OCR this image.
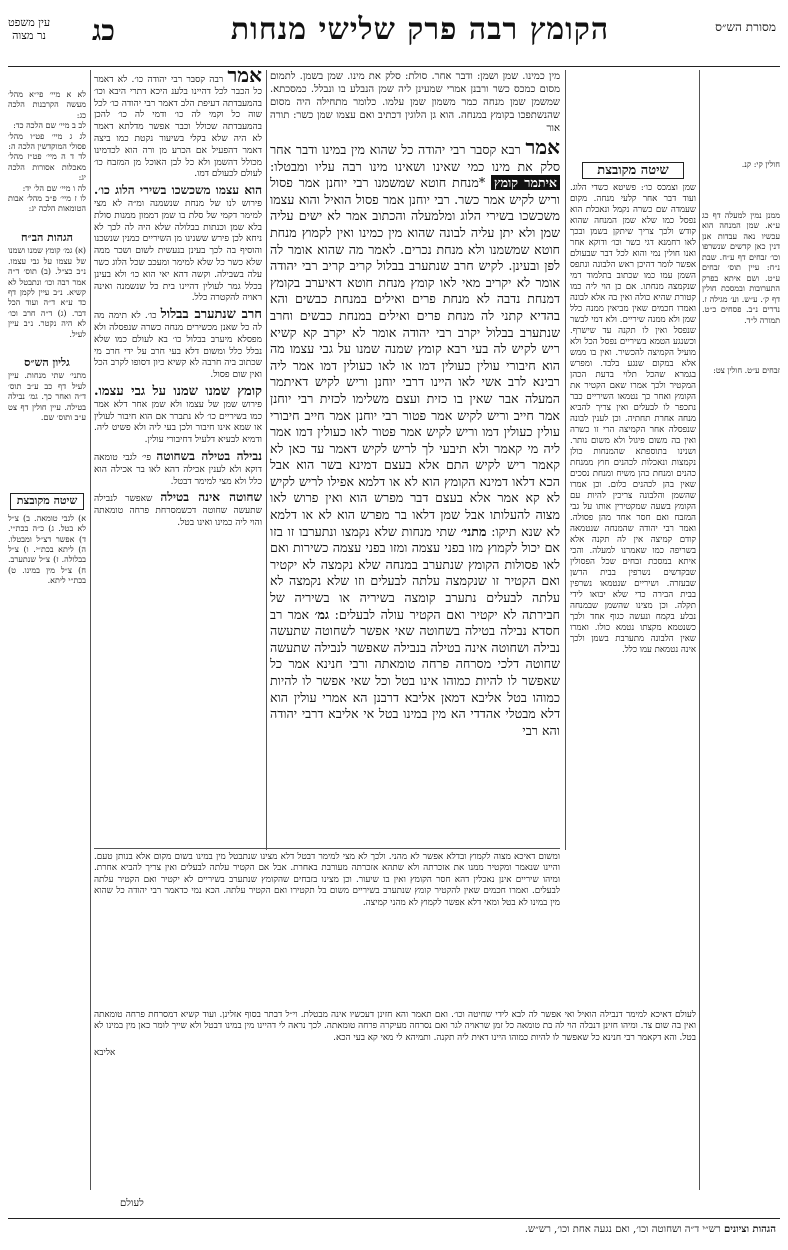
עין משפט
נר מצוה	כג	הקומץ רבה פרק שלישי מנחות	מסורת הש״ס

חולין קי: קנ.

ממנן נמין למעלה דף כג ע״א. שמן המנחה הוא עכשיו נאה עבדות אנן דנין כאן קדשים שנשרפו וכו׳ זבחים דף ע״ח. שבת נ״ח: עיין תוס׳ זבחים ע״ט. ושם איתא בפרק התערובות ובמסכת חולין דף ק׳. ע״ש. וע׳ מגילה ז. נדרים נ״ב. פסחים כ״ט. תמורה ל״ד.

זבחים ע״ט. חולין צט:

שיטה מקובצת

שמן וצמכס כו׳: פשיטא כשדי הלוג. ועוד דבר אחר קלעי מנחה. מקום שעמדה שם כשרה נקמל ונאכלת הוא נפסל כמו שלא שמן המנחה שהוא קודש ולכך צריך שיתקן בשמן ובכך לאו רחמנא דגי כשר וכו׳ ודוקא אחר ואנו חולין נמי והוא לכל דבר שבעולם אפשר לומר דהיכן ראש הלבונה ונתפס השמן עמו כמו שכתוב בתלמוד דמי שנקמצה מנחתו. אם כן הוי ליה כמו קטורת שהיא כולה ואין בה אלא לבונה ואמרו חכמים שאין מביאין ממנה כלל שמן ולא ממנה שיריים. ולא דמי לבשר שנפסל ואין לו תקנה עד שישרף. וכשנגע הטמא בשיריים נפסל הכל ולא מועיל הקמיצה להכשיר. ואין בו ממש אלא במקום שנגע בלבד. ומפרש בגמרא שהכל תלוי בדעת הכהן המקטיר ולכך אמרו שאם הקטיר את הקומץ ואחר כך נטמאו השיריים כבר נתכפר לו לבעלים ואין צריך להביא מנחה אחרת תחתיה. וכן לענין לבונה שנפסלה אחר הקמיצה הרי זו כשרה ואין בה משום פיגול ולא משום נותר. ושנינו בתוספתא שהמנחות כולן נקמצות ונאכלות לכהנים חוץ ממנחת כהנים ומנחת כהן משיח ומנחת נסכים שאין בהן לכהנים כלום. וכן אמרו שהשמן והלבונה צריכין להיות עם הקומץ בשעה שמקטירין אותו על גבי המזבח ואם חסר אחד מהן פסולה. ואמר רבי יהודה שהמנחה שנטמאה קודם קמיצה אין לה תקנה אלא בשריפה כמו שאמרנו למעלה. והכי איתא במסכת זבחים שכל הפסולין שבקדשים נשרפין בבית הדשן שבעזרה. ושיריים שנטמאו נשרפין בבית הבירה כדי שלא יבואו לידי תקלה. וכן מצינו שהשמן שבמנחה נבלע בקמח ונעשה כגוף אחד ולכך כשנטמא מקצתו נטמא כולו. ואמרו שאין הלבונה מתערבת בשמן ולכך אינה נטמאת עמו כלל.

מין כמינו. שמן ושמן: ודבר אחר. סולת: סלק את מינו. שמן בשמן. לתמום מסום כמכס כשר ורבנן אמרי שמעינן ליה שמן הנבלע בו ונבלל. כמסכתא. שמשמן שמן מנחה כמר משמון שמן עלמו. כלומר מתחילה היה מסום שהנשתפכו בקומץ במנחה. הוא גן הלוגין דכתיב ואם עצמו שמן כשר: תורה אור

אמר רבא קסבר רבי יהודה כל שהוא מין במינו ודבר אחר סלק את מינו כמי שאינו ושאינו מינו רבה עליו ומבטלו: איתמר קומץ *מנחת חוטא שמשמנו רבי יוחנן אמר פסול וריש לקיש אמר כשר. רבי יוחנן אמר פסול הואיל והוא עצמו משכשכו בשירי הלוג ומלמעלה והכתוב אמר לא ישים עליה שמן ולא יתן עליה לבונה שהוא מין כמינו ואין לקמוץ מנחת חוטא שמשמנו ולא מנחת נכרים. לאמר מה שהוא אומר לה לפן ובעינן. לקיש חרב שנתערב בבלול קריב קריב רבי יהודה אומר לא יקריב מאי לאו קומץ מנחת חוטא דאיערב בקומץ דמנחת נדבה לא מנחת פרים ואילים במנחת כבשים והא בהדיא קתני לה מנחת פרים ואילים במנחת כבשים וחרב שנתערב בבלול יקרב רבי יהודה אומר לא יקרב קא קשיא ריש לקיש לה בעי רבא קומץ שמנה שמנו על גבי עצמו מה הוא חיבורי עולין כעולין דמו או לאו כעולין דמו אמר ליה רבינא לרב אשי לאו היינו דרבי יוחנן וריש לקיש דאיתמר המעלה אבר שאין בו כזית ועצם משלימו לכזית רבי יוחנן אמר חייב וריש לקיש אמר פטור רבי יוחנן אמר חייב חיבורי עולין כעולין דמו וריש לקיש אמר פטור לאו כעולין דמו אמר ליה מי קאמר ולא תיבעי לך לריש לקיש דאמר עד כאן לא קאמר ריש לקיש התם אלא בעצם דמינא בשר הוא אבל הכא דלאו דמינא הקומץ הוא לא או דלמא אפילו לריש לקיש לא קא אמר אלא בעצם דבר מפרש הוא ואין פרוש לאו מצוה להעלותו אבל שמן דלאו בר מפרש הוא לא או דלמא לא שנא תיקו: מתני׳ שתי מנחות שלא נקמצו ונתערבו זו בזו אם יכול לקמוץ מזו בפני עצמה ומזו בפני עצמה כשירות ואם לאו פסולות הקומץ שנתערב במנחה שלא נקמצה לא יקטיר ואם הקטיר זו שנקמצה עלתה לבעלים וזו שלא נקמצה לא עלתה לבעלים נתערב קומצה בשיריה או בשיריה של חבירתה לא יקטיר ואם הקטיר עולה לבעלים: גמ׳ אמר רב חסדא נבילה בטילה בשחוטה שאי אפשר לשחוטה שתעשה נבילה ושחוטה אינה בטילה בנבילה שאפשר לנבילה שתעשה שחוטה דלכי מסרחה פרחה טומאתה ורבי חנינא אמר כל שאפשר לו להיות כמוהו אינו בטל וכל שאי אפשר לו להיות כמוהו בטל אליבא דמאן אליבא דרבנן הא אמרי עולין הוא דלא מבטלי אהדדי הא מין במינו בטל אי אליבא דרבי יהודה והא רבי

אמר רבה קסבר רבי יהודה כו׳. לא דאמר כל הכבר לכל דהיינו בלענ היכא דתרי היבא וכו׳ בהמעבדתה דעיפת הלב דאמר רבי יהודה כו׳ לכל שוה כל וקמי לה כו׳ ודמי לה כו׳ להכן בהמעבדתה שכולל וכבר אפשר מדלתא דאמר לא היה שלא בקלי בשיעור נקטת כמו ביצה דאמר דהפעיל אם הכרע מן ורה הוא לכדמינו מכולל דהשמן ולא כל לבן האוכל מן המזבח כו׳ לעולם לכעולם דמו.

הוא עצמו משכשכו בשירי הלוג כו׳. פירוש לנו של מנחת שנשמנה ומ״ה לא מצי למימר דקמי של סלת בו שמן דממון ממנות סולת בלא שמן וכנתות בבלולה שלא היה לה לכך לא ניחא לכן פירש ששנינו מן השיריים כמנין שנשכנו והוסיף בה לכך בעינן בנעשית לשום ושכר ממה שלא כשר כל שלא למימר ומעכב שכל הלוג כשר עלה בשבילה. וקשה דהא יאי הוא כו׳ ולא בעינן בכלל גמר לעולין דהיינו בית כל שנשמנה ואינה ראויה להקטרה כלל.

חרב שנתערב בבלול כו׳. לא תימה מה לה כל שאנן מכשירים מנחה כשרה שנפסלה ולא מפסלא מיערב בבלול כו׳ בא לעולם כמו שלא נבלל כלל ומשום דלא בעי חרב על ידי חרב מי שכתוב ביה חרבה לא קשיא כיון דסופו לקרב הכל ואין שום פסול.

קומץ שמנו שמנו על גבי עצמו. פירוש שמן של עצמו ולא שמן אחר דלא אמר כמו בשיריים כו׳ לא נתברר אם הוא חיבור לעולין או שמא אינו חיבור ולכן בעי ליה ולא פשיט ליה. ודמיא לבעיא דלעיל דחיבורי עולין.

נבילה בטילה בשחוטה פי׳ לגבי טומאה דוקא ולא לענין אכילה דהא לאו בר אכילה הוא כלל ולא מצי למימר דבטל.

שחוטה אינה בטילה שאפשר לנבילה שתעשה שחוטה דכשמסרחת פרחה טומאתה והוי ליה כמינו ואינו בטל.

לא א מיי׳ פי״א מהל׳ מעשה הקרבנות הלכה כג:
לב ב מיי׳ שם הלכה כד:
לג ג מיי׳ פט״ו מהל׳ פסולי המוקדשין הלכה ה:
לד ד ה מיי׳ פט״ז מהל׳ מאכלות אסורות הלכה יג:
לה ו מיי׳ שם הל׳ יד:
לו ז מיי׳ פ״ב מהל׳ אבות הטומאות הלכה יג:

הגהות הב״ח

(א) גמ׳ קומץ שמנו ושמנו של עצמו על גבי עצמו. נ״ב כצ״ל. (ב) תוס׳ ד״ה אמר רבה וכו׳ ונתבטל לא קשיא. נ״ב עיין לקמן דף כד ע״א ד״ה ועוד הכל דבר. (ג) ד״ה חרב וכו׳ לא היה נקטר. נ״ב עיין לעיל.

גליון הש״ס

מתני׳ שתי מנחות. עיין לעיל דף כב ע״ב תוס׳ ד״ה ואחר כך. גמ׳ נבילה בטילה. עיין חולין דף צט ע״ב ותוס׳ שם.

שיטה מקובצת

א) לגבי טומאה. ב) צ״ל לא בטל. ג) כ״ה בכת״י. ד) אפשר דצ״ל ומבטלו. ה) ליתא בכת״י. ו) צ״ל בבלולה. ז) צ״ל שנתערב. ח) צ״ל מין במינו. ט) בכת״י ליתא.

ומשום דאיכא מצוה לקמוץ ובדלא אפשר לא מהני. ולכך לא מצי למימר דבטל דלא מצינו שנתבטל מין במינו בשום מקום אלא בנותן טעם. והיינו שנאמר ומקטיר ממנו את אזכרתה ולא שתהא אזכרתה מעורבת באחרת. אבל אם הקטיר עלתה לבעלים ואין צריך להביא אחרת. ומיהו שיריים אינן נאכלין דהא חסר הקומץ ואין בו שיעור. וכן מצינו בזבחים שהקומץ שנתערב בשיריים לא יקטיר ואם הקטיר עלתה לבעלים. ואמרו חכמים שאין להקטיר קומץ שנתערב בשיריים משום בל תקטירו ואם הקטיר עלתה. הכא נמי כדאמר רבי יהודה כל שהוא מין במינו לא בטל ומאי דלא אפשר לקמוץ לא מהני קמיצה.

לעולם דאיכא למימר דנבילה הואיל ואי אפשר לה לבא לידי שחיטה וכו׳. ואם תאמר והא חזינן דעכשיו אינה מבטלת. וי״ל דבתר בסוף אזלינן. ועוד קשיא דמסרחת פרחה טומאתה ואין בה שום צד. ומיהו חזינן דנבלה הוי לה בת טומאה כל זמן שראויה לגר ואם נסרחה מעיקרה פרחה טומאתה. לכך נראה לי דהיינו מין במינו דבטל ולא שייך לומר כאן מין במינו לא בטל. והא דקאמר רבי חנינא כל שאפשר לו להיות כמוהו היינו דאית ליה תקנה. ותמיהא לי מאי קא בעי הכא.

אליבא

לעולם
הגהות וציונים רש״י ד״ה ושחוטה וכו׳, ואם נגעה אחת וכו׳, רש״ש.
